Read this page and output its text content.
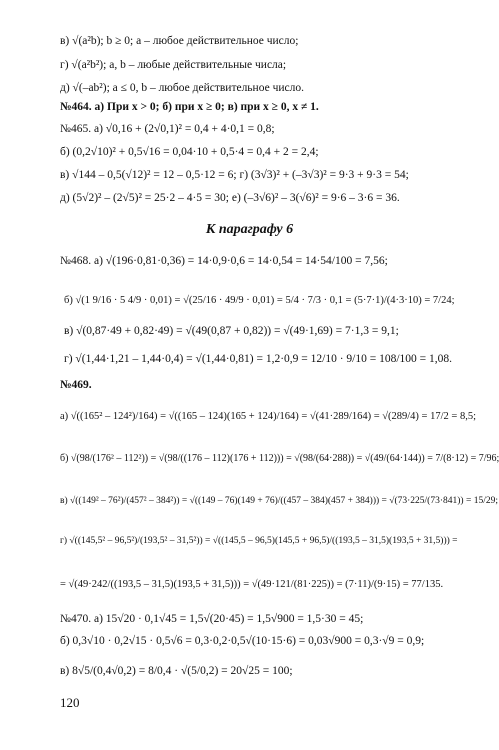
в) √(a²b); b ≥ 0; a – любое действительное число;
г) √(a²b²); a, b – любые действительные числа;
д) √(–ab²); a ≤ 0, b – любое действительное число.
№464. а) При x > 0; б) при x ≥ 0; в) при x ≥ 0, x ≠ 1.
№465. а) √0,16 + (2√0,1)² = 0,4 + 4·0,1 = 0,8;
б) (0,2√10)² + 0,5√16 = 0,04·10 + 0,5·4 = 0,4 + 2 = 2,4;
в) √144 – 0,5(√12)² = 12 – 0,5·12 = 6; г) (3√3)² + (–3√3)² = 9·3 + 9·3 = 54;
д) (5√2)² – (2√5)² = 25·2 – 4·5 = 30; е) (–3√6)² – 3(√6)² = 9·6 – 3·6 = 36.
К параграфу 6
№468. а) √(196·0,81·0,36) = 14·0,9·0,6 = 14·0,54 = 14·54/100 = 7,56;
б) √(1 9/16 · 5 4/9 · 0,01) = √(25/16 · 49/9 · 0,01) = 5/4 · 7/3 · 0,1 = (5·7·1)/(4·3·10) = 7/24;
в) √(0,87·49 + 0,82·49) = √(49(0,87 + 0,82)) = √(49·1,69) = 7·1,3 = 9,1;
г) √(1,44·1,21 – 1,44·0,4) = √(1,44·0,81) = 1,2·0,9 = 12/10 · 9/10 = 108/100 = 1,08.
№469.
а) √((165² – 124²)/164) = √((165 – 124)(165 + 124)/164) = √(41·289/164) = √(289/4) = 17/2 = 8,5;
б) √(98/(176² – 112²)) = √(98/((176 – 112)(176 + 112))) = √(98/(64·288)) = √(49/(64·144)) = 7/(8·12) = 7/96;
в) √((149² – 76²)/(457² – 384²)) = √((149 – 76)(149 + 76)/((457 – 384)(457 + 384))) = √(73·225/(73·841)) = 15/29;
г) √((145,5² – 96,5²)/(193,5² – 31,5²)) = √((145,5 – 96,5)(145,5 + 96,5)/((193,5 – 31,5)(193,5 + 31,5))) =
= √(49·242/((193,5 – 31,5)(193,5 + 31,5))) = √(49·121/(81·225)) = (7·11)/(9·15) = 77/135.
№470. а) 15√20 · 0,1√45 = 1,5√(20·45) = 1,5√900 = 1,5·30 = 45;
б) 0,3√10 · 0,2√15 · 0,5√6 = 0,3·0,2·0,5√(10·15·6) = 0,03√900 = 0,3·√9 = 0,9;
в) 8√5/(0,4√0,2) = 8/0,4 · √(5/0,2) = 20√25 = 100;
120
